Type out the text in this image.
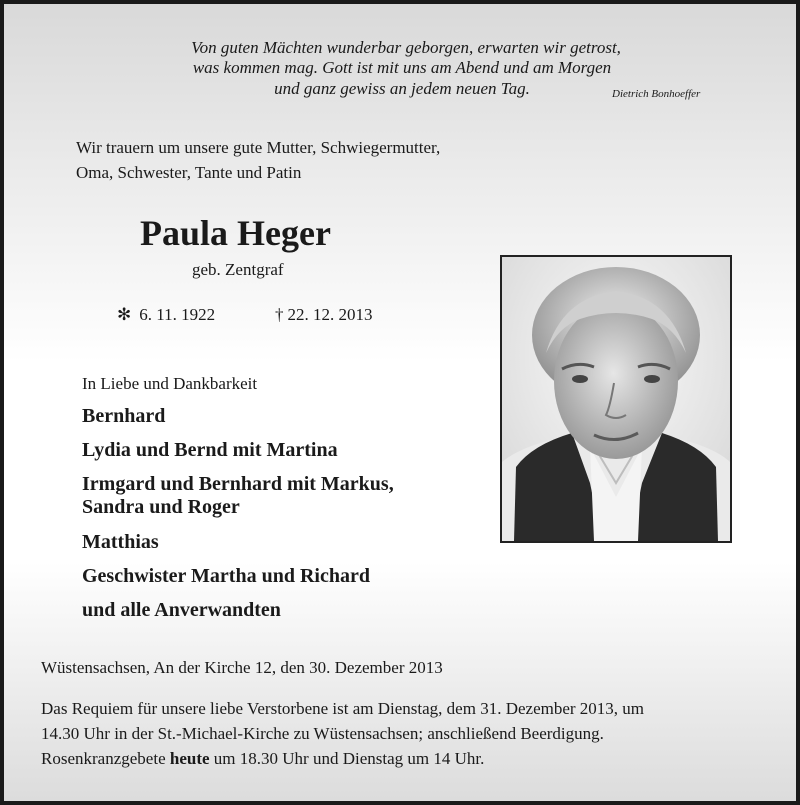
Von guten Mächten wunderbar geborgen, erwarten wir getrost,
was kommen mag. Gott ist mit uns am Abend und am Morgen
und ganz gewiss an jedem neuen Tag.	Dietrich Bonhoeffer
Wir trauern um unsere gute Mutter, Schwiegermutter,
Oma, Schwester, Tante und Patin
Paula Heger
geb. Zentgraf
✻ 6. 11. 1922	† 22. 12. 2013
In Liebe und Dankbarkeit
Bernhard
Lydia und Bernd mit Martina
Irmgard und Bernhard mit Markus,
Sandra und Roger
Matthias
Geschwister Martha und Richard
und alle Anverwandten
Wüstensachsen, An der Kirche 12, den 30. Dezember 2013
Das Requiem für unsere liebe Verstorbene ist am Dienstag, dem 31. Dezember 2013, um
14.30 Uhr in der St.-Michael-Kirche zu Wüstensachsen; anschließend Beerdigung.
Rosenkranzgebete heute um 18.30 Uhr und Dienstag um 14 Uhr.
